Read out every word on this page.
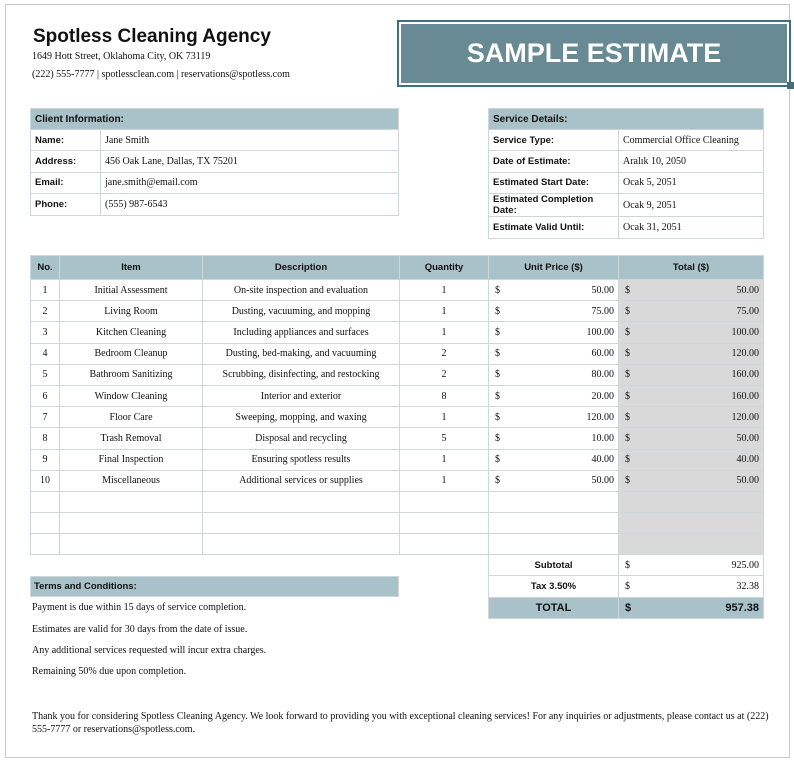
Spotless Cleaning Agency
1649 Hott Street, Oklahoma City, OK 73119
(222) 555-7777 | spotlessclean.com | reservations@spotless.com
SAMPLE ESTIMATE
Client Information:	
Name:	Jane Smith
Address:	456 Oak Lane, Dallas, TX 75201
Email:	jane.smith@email.com
Phone:	(555) 987-6543
Service Details:	
Service Type:	Commercial Office Cleaning
Date of Estimate:	Aralık 10, 2050
Estimated Start Date:	Ocak 5, 2051
Estimated Completion Date:	Ocak 9, 2051
Estimate Valid Until:	Ocak 31, 2051
No.	Item	Description	Quantity	Unit Price ($)	Total ($)
1	Initial Assessment	On-site inspection and evaluation	1	$ 50.00	$ 50.00

2	Living Room	Dusting, vacuuming, and mopping	1	$ 75.00	$ 75.00

3	Kitchen Cleaning	Including appliances and surfaces	1	$ 100.00	$ 100.00

4	Bedroom Cleanup	Dusting, bed-making, and vacuuming	2	$ 60.00	$ 120.00

5	Bathroom Sanitizing	Scrubbing, disinfecting, and restocking	2	$ 80.00	$ 160.00

6	Window Cleaning	Interior and exterior	8	$ 20.00	$ 160.00

7	Floor Care	Sweeping, mopping, and waxing	1	$ 120.00	$ 120.00

8	Trash Removal	Disposal and recycling	5	$ 10.00	$ 50.00

9	Final Inspection	Ensuring spotless results	1	$ 40.00	$ 40.00

10	Miscellaneous	Additional services or supplies	1	$ 50.00	$ 50.00

Subtotal	$ 925.00

Tax 3.50%	$ 32.38

TOTAL	$ 957.38
Terms and Conditions:
Payment is due within 15 days of service completion.
Estimates are valid for 30 days from the date of issue.
Any additional services requested will incur extra charges.
Remaining 50% due upon completion.
Thank you for considering Spotless Cleaning Agency. We look forward to providing you with exceptional cleaning services! For any inquiries or adjustments, please contact us at (222) 555-7777 or reservations@spotless.com.
